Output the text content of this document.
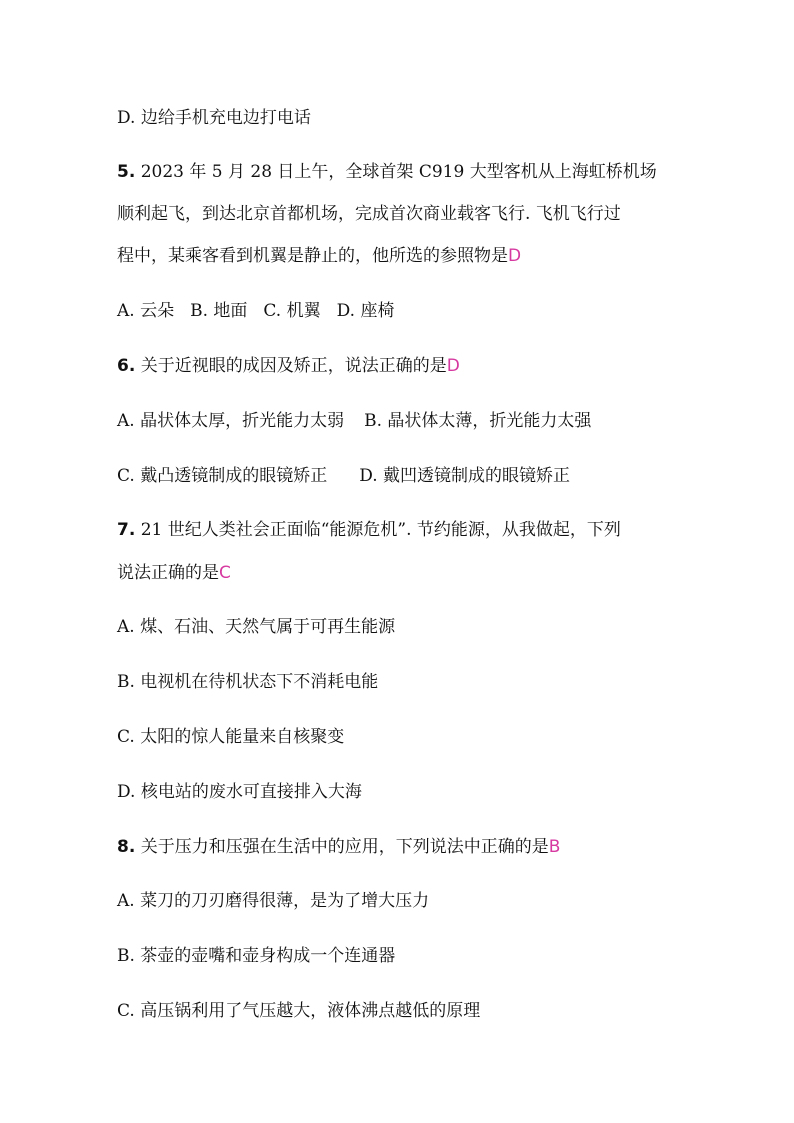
D. 边给手机充电边打电话
5. 2023 年 5 月 28 日上午，全球首架 C919 大型客机从上海虹桥机场
顺利起飞，到达北京首都机场，完成首次商业载客飞行. 飞机飞行过
程中，某乘客看到机翼是静止的，他所选的参照物是D
A. 云朵 B. 地面 C. 机翼 D. 座椅
6. 关于近视眼的成因及矫正，说法正确的是D
A. 晶状体太厚，折光能力太弱 B. 晶状体太薄，折光能力太强
C. 戴凸透镜制成的眼镜矫正 D. 戴凹透镜制成的眼镜矫正
7. 21 世纪人类社会正面临“能源危机”. 节约能源，从我做起，下列
说法正确的是C
A. 煤、石油、天然气属于可再生能源
B. 电视机在待机状态下不消耗电能
C. 太阳的惊人能量来自核聚变
D. 核电站的废水可直接排入大海
8. 关于压力和压强在生活中的应用，下列说法中正确的是B
A. 菜刀的刀刃磨得很薄，是为了增大压力
B. 茶壶的壶嘴和壶身构成一个连通器
C. 高压锅利用了气压越大，液体沸点越低的原理
